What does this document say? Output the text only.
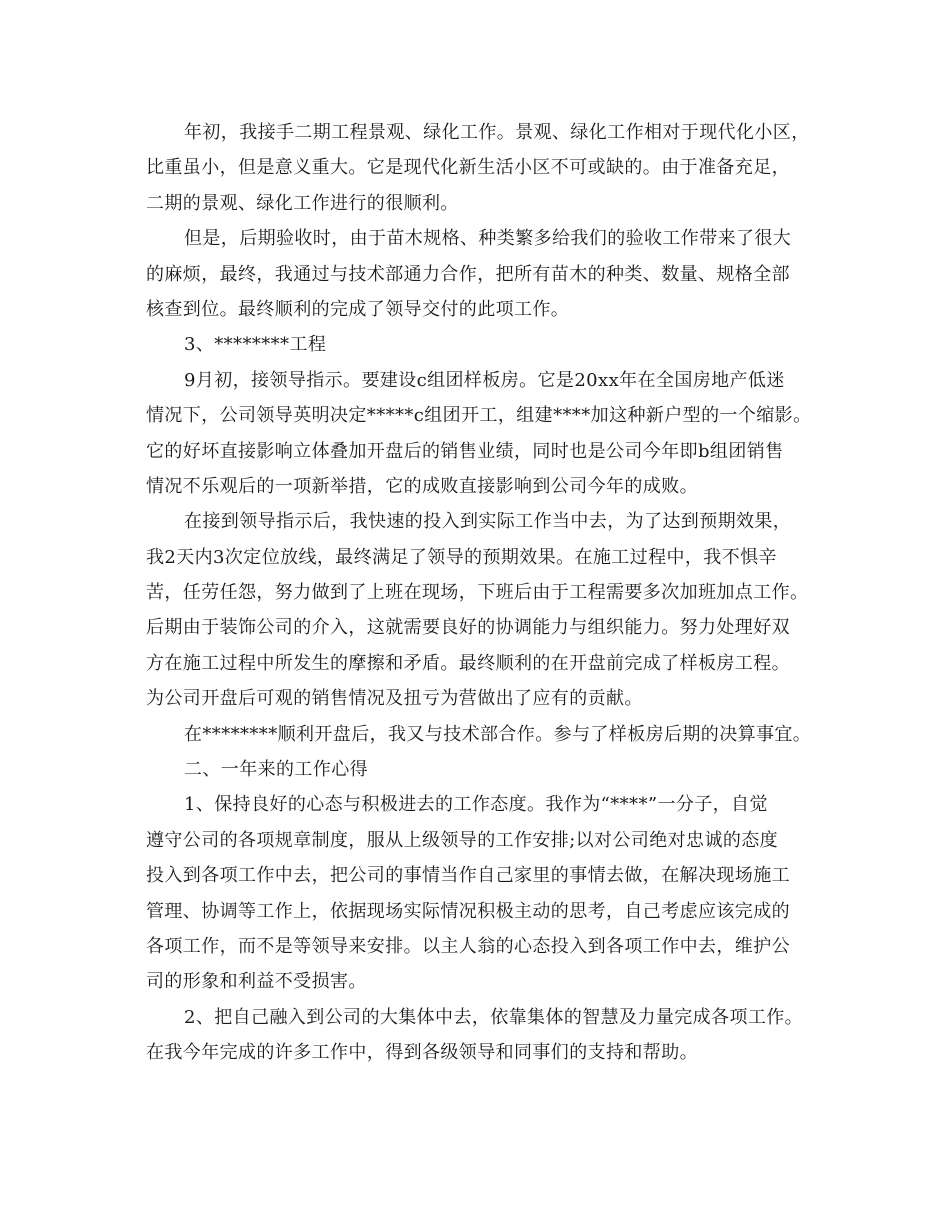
年初，我接手二期工程景观、绿化工作。景观、绿化工作相对于现代化小区，
比重虽小，但是意义重大。它是现代化新生活小区不可或缺的。由于准备充足，
二期的景观、绿化工作进行的很顺利。
但是，后期验收时，由于苗木规格、种类繁多给我们的验收工作带来了很大
的麻烦，最终，我通过与技术部通力合作，把所有苗木的种类、数量、规格全部
核查到位。最终顺利的完成了领导交付的此项工作。
3、********工程
9月初，接领导指示。要建设c组团样板房。它是20xx年在全国房地产低迷
情况下，公司领导英明决定*****c组团开工，组建****加这种新户型的一个缩影。
它的好坏直接影响立体叠加开盘后的销售业绩，同时也是公司今年即b组团销售
情况不乐观后的一项新举措，它的成败直接影响到公司今年的成败。
在接到领导指示后，我快速的投入到实际工作当中去，为了达到预期效果，
我2天内3次定位放线，最终满足了领导的预期效果。在施工过程中，我不惧辛
苦，任劳任怨，努力做到了上班在现场，下班后由于工程需要多次加班加点工作。
后期由于装饰公司的介入，这就需要良好的协调能力与组织能力。努力处理好双
方在施工过程中所发生的摩擦和矛盾。最终顺利的在开盘前完成了样板房工程。
为公司开盘后可观的销售情况及扭亏为营做出了应有的贡献。
在********顺利开盘后，我又与技术部合作。参与了样板房后期的决算事宜。
二、一年来的工作心得
1、保持良好的心态与积极进去的工作态度。我作为“****”一分子，自觉
遵守公司的各项规章制度，服从上级领导的工作安排;以对公司绝对忠诚的态度
投入到各项工作中去，把公司的事情当作自己家里的事情去做，在解决现场施工
管理、协调等工作上，依据现场实际情况积极主动的思考，自己考虑应该完成的
各项工作，而不是等领导来安排。以主人翁的心态投入到各项工作中去，维护公
司的形象和利益不受损害。
2、把自己融入到公司的大集体中去，依靠集体的智慧及力量完成各项工作。
在我今年完成的许多工作中，得到各级领导和同事们的支持和帮助。
